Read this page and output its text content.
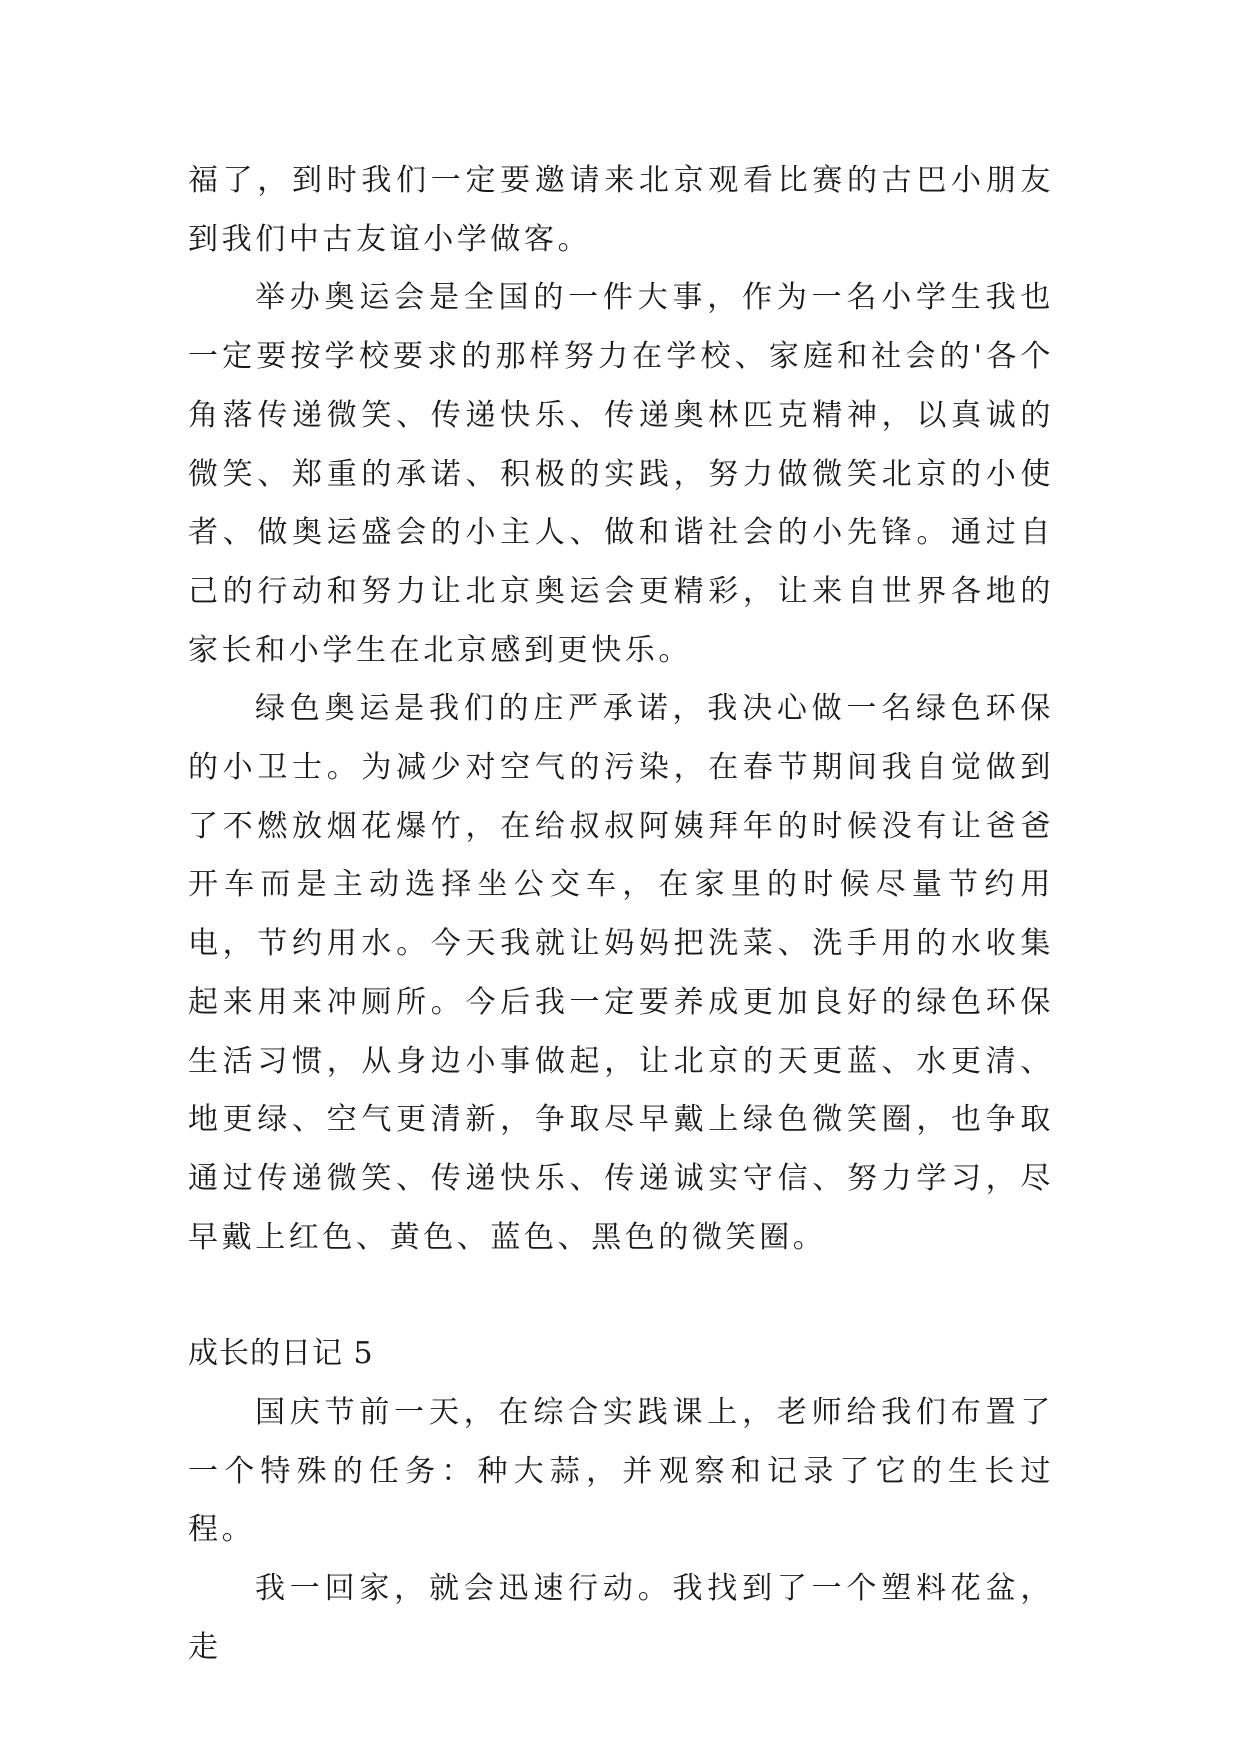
福了，到时我们一定要邀请来北京观看比赛的古巴小朋友到我们中古友谊小学做客。

举办奥运会是全国的一件大事，作为一名小学生我也一定要按学校要求的那样努力在学校、家庭和社会的'各个角落传递微笑、传递快乐、传递奥林匹克精神，以真诚的微笑、郑重的承诺、积极的实践，努力做微笑北京的小使者、做奥运盛会的小主人、做和谐社会的小先锋。通过自己的行动和努力让北京奥运会更精彩，让来自世界各地的家长和小学生在北京感到更快乐。

绿色奥运是我们的庄严承诺，我决心做一名绿色环保的小卫士。为减少对空气的污染，在春节期间我自觉做到了不燃放烟花爆竹，在给叔叔阿姨拜年的时候没有让爸爸开车而是主动选择坐公交车，在家里的时候尽量节约用电，节约用水。今天我就让妈妈把洗菜、洗手用的水收集起来用来冲厕所。今后我一定要养成更加良好的绿色环保生活习惯，从身边小事做起，让北京的天更蓝、水更清、地更绿、空气更清新，争取尽早戴上绿色微笑圈，也争取通过传递微笑、传递快乐、传递诚实守信、努力学习，尽早戴上红色、黄色、蓝色、黑色的微笑圈。

成长的日记 5

国庆节前一天，在综合实践课上，老师给我们布置了一个特殊的任务：种大蒜，并观察和记录了它的生长过程。

我一回家，就会迅速行动。我找到了一个塑料花盆，走
